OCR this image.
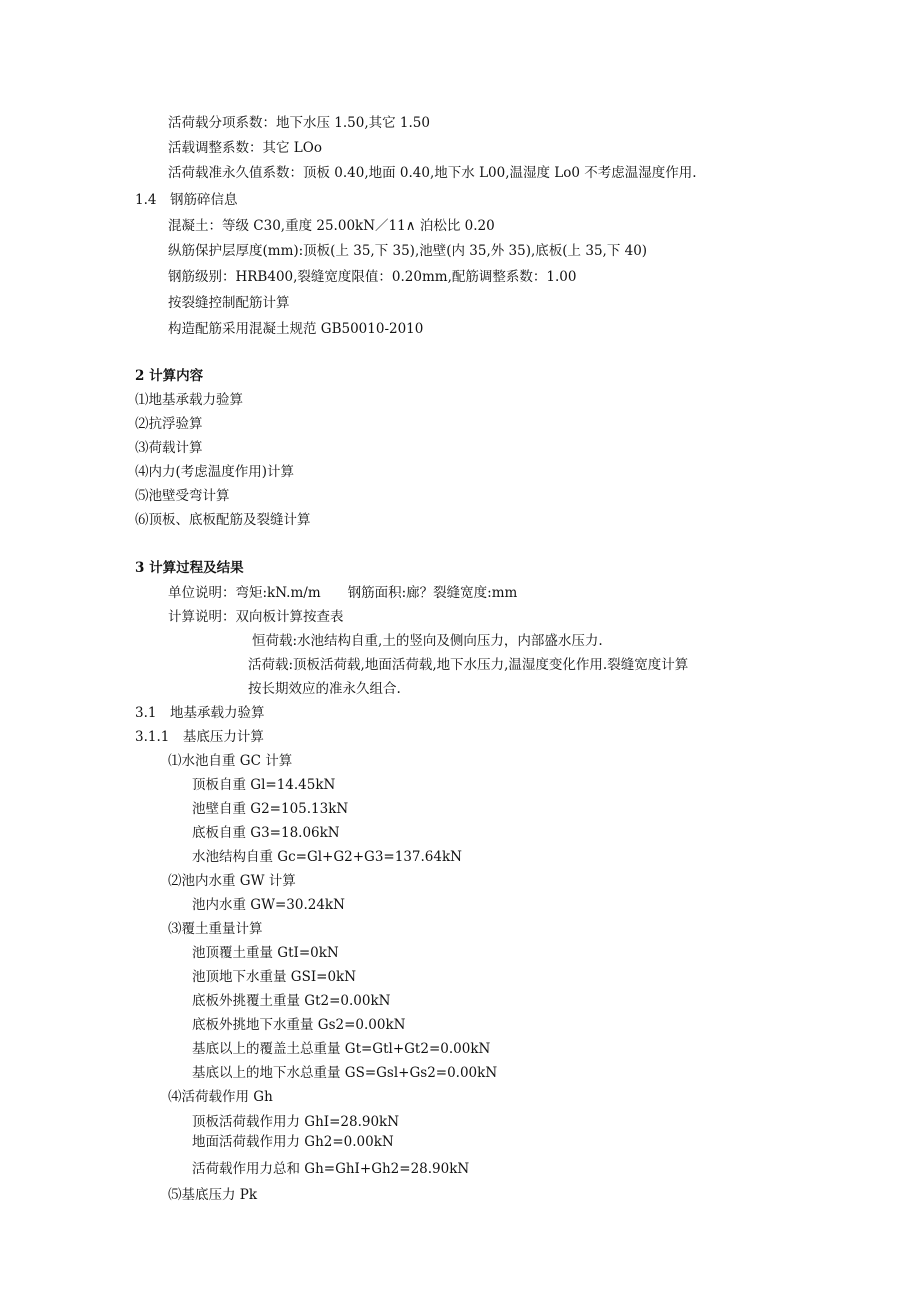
活荷载分项系数：地下水压 1.50,其它 1.50
活载调整系数：其它 LOo
活荷载准永久值系数：顶板 0.40,地面 0.40,地下水 L00,温湿度 Lo0 不考虑温湿度作用.
1.4　钢筋碎信息
混凝土：等级 C30,重度 25.00kN／11∧ 泊松比 0.20
纵筋保护层厚度(mm):顶板(上 35,下 35),池壁(内 35,外 35),底板(上 35,下 40)
钢筋级别：HRB400,裂缝宽度限值：0.20mm,配筋调整系数：1.00
按裂缝控制配筋计算
构造配筋采用混凝土规范 GB50010-2010
2 计算内容
⑴地基承载力验算
⑵抗浮验算
⑶荷载计算
⑷内力(考虑温度作用)计算
⑸池壁受弯计算
⑹顶板、底板配筋及裂缝计算
3 计算过程及结果
单位说明：弯矩:kN.m/m　　钢筋面积:廊？裂缝宽度:mm
计算说明：双向板计算按查表
恒荷载:水池结构自重,土的竖向及侧向压力，内部盛水压力.
活荷载:顶板活荷载,地面活荷载,地下水压力,温湿度变化作用.裂缝宽度计算
按长期效应的准永久组合.
3.1　地基承载力验算
3.1.1　基底压力计算
⑴水池自重 GC 计算
顶板自重 Gl=14.45kN
池壁自重 G2=105.13kN
底板自重 G3=18.06kN
水池结构自重 Gc=Gl+G2+G3=137.64kN
⑵池内水重 GW 计算
池内水重 GW=30.24kN
⑶覆土重量计算
池顶覆土重量 GtI=0kN
池顶地下水重量 GSI=0kN
底板外挑覆土重量 Gt2=0.00kN
底板外挑地下水重量 Gs2=0.00kN
基底以上的覆盖土总重量 Gt=Gtl+Gt2=0.00kN
基底以上的地下水总重量 GS=Gsl+Gs2=0.00kN
⑷活荷载作用 Gh
顶板活荷载作用力 GhI=28.90kN
地面活荷载作用力 Gh2=0.00kN
活荷载作用力总和 Gh=GhI+Gh2=28.90kN
⑸基底压力 Pk
